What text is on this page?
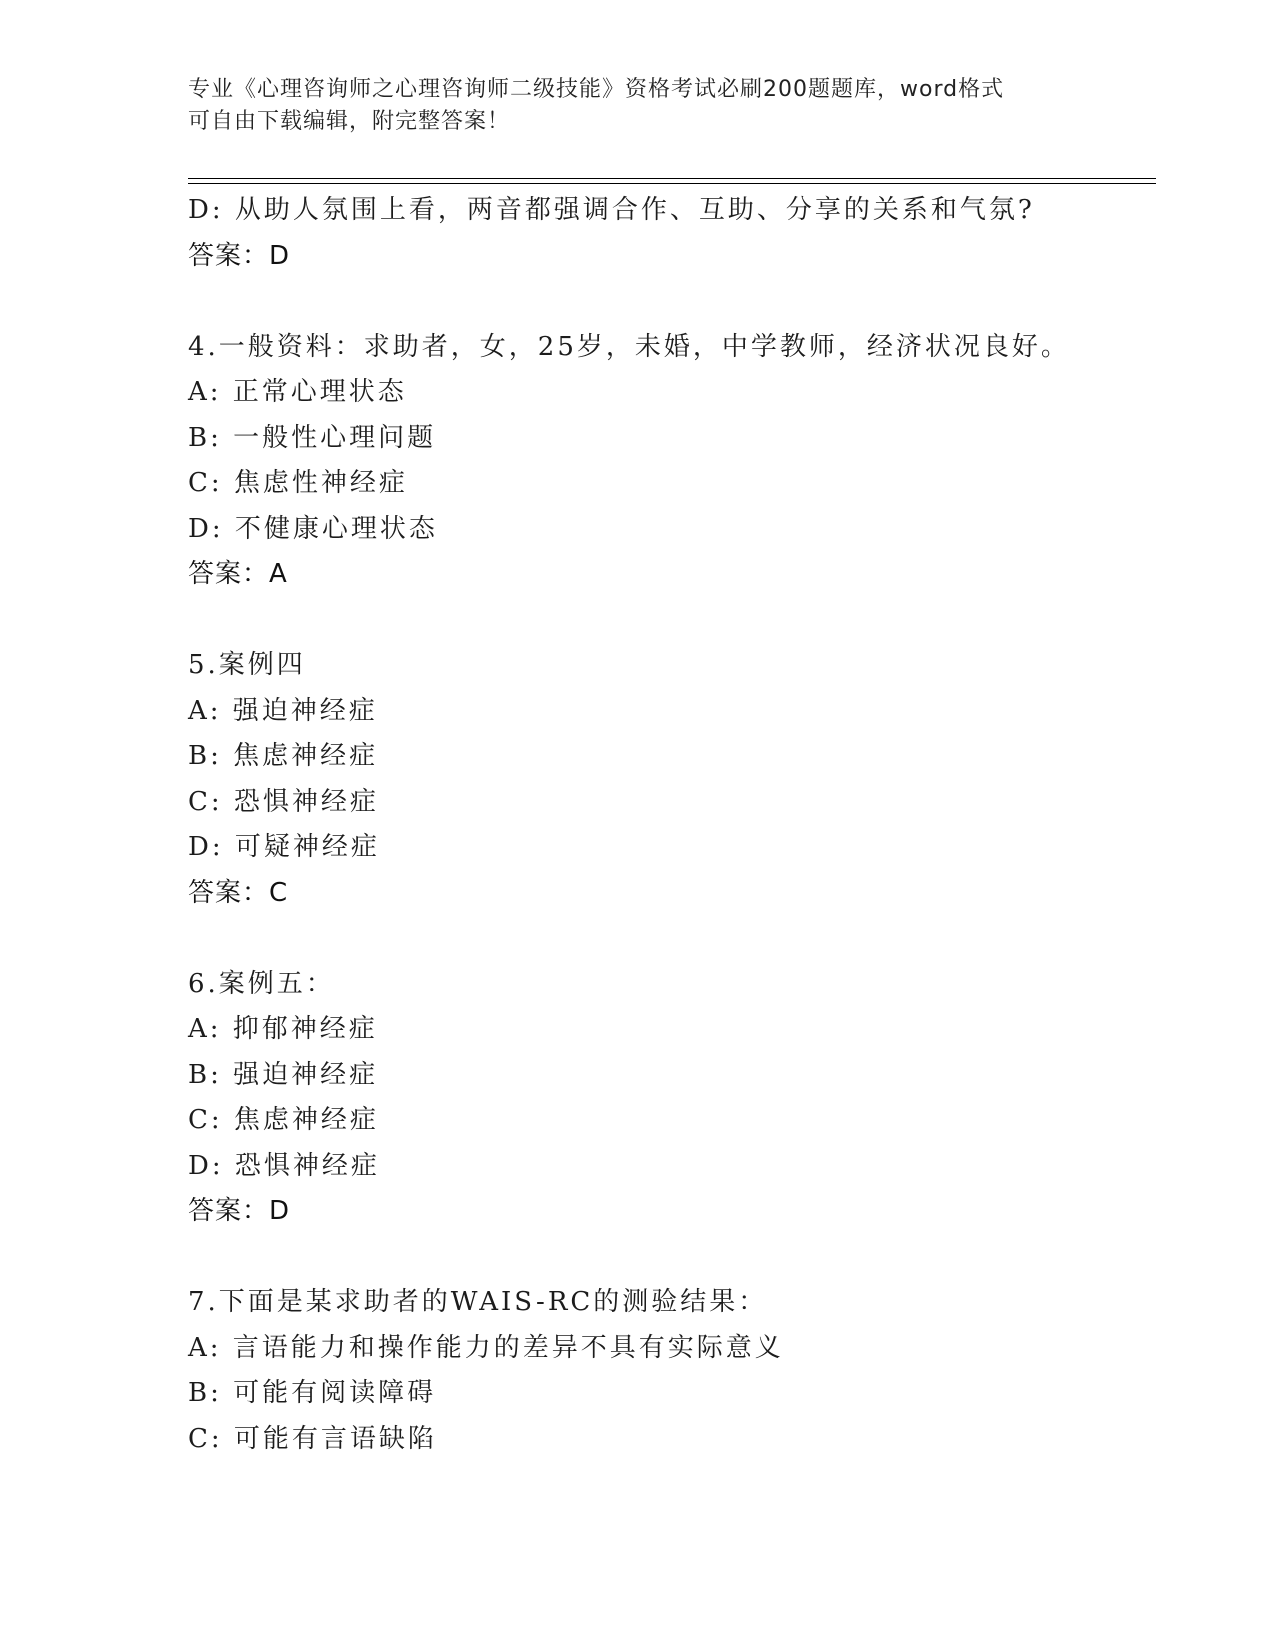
专业《心理咨询师之心理咨询师二级技能》资格考试必刷200题题库，word格式
可自由下载编辑，附完整答案！
D: 从助人氛围上看，两音都强调合作、互助、分享的关系和气氛?
答案：D
4.一般资料：求助者，女，25岁，未婚，中学教师，经济状况良好。
A: 正常心理状态
B: 一般性心理问题
C: 焦虑性神经症
D: 不健康心理状态
答案：A
5.案例四
A: 强迫神经症
B: 焦虑神经症
C: 恐惧神经症
D: 可疑神经症
答案：C
6.案例五：
A: 抑郁神经症
B: 强迫神经症
C: 焦虑神经症
D: 恐惧神经症
答案：D
7.下面是某求助者的WAIS-RC的测验结果：
A: 言语能力和操作能力的差异不具有实际意义
B: 可能有阅读障碍
C: 可能有言语缺陷
